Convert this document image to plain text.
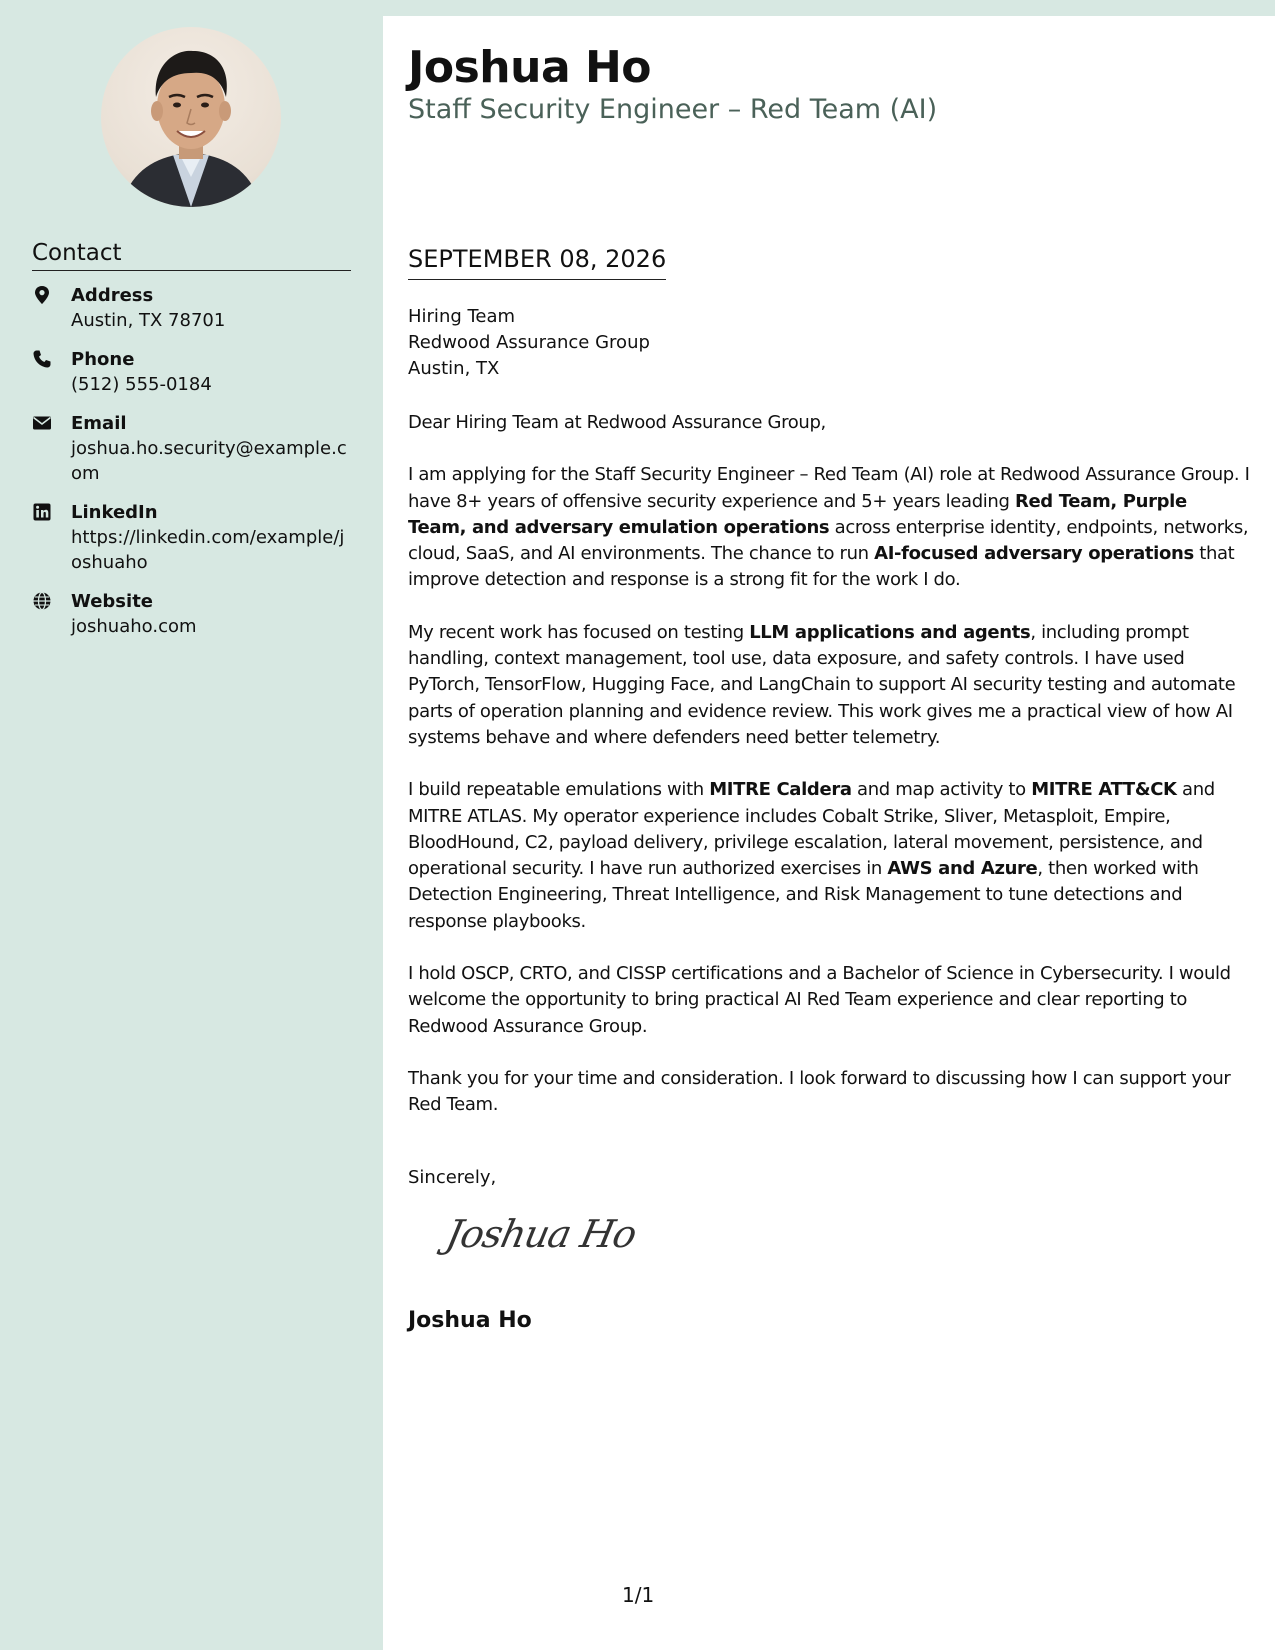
Contact
Address
Austin, TX 78701
Phone
(512) 555-0184
Email
joshua.ho.security@example.com
LinkedIn
https://linkedin.com/example/joshuaho
Website
joshuaho.com
Joshua Ho
Staff Security Engineer – Red Team (AI)
SEPTEMBER 08, 2026
Hiring Team
Redwood Assurance Group
Austin, TX

Dear Hiring Team at Redwood Assurance Group,

I am applying for the Staff Security Engineer – Red Team (AI) role at Redwood Assurance Group. I have 8+ years of offensive security experience and 5+ years leading Red Team, Purple Team, and adversary emulation operations across enterprise identity, endpoints, networks, cloud, SaaS, and AI environments. The chance to run AI-focused adversary operations that improve detection and response is a strong fit for the work I do.

My recent work has focused on testing LLM applications and agents, including prompt handling, context management, tool use, data exposure, and safety controls. I have used PyTorch, TensorFlow, Hugging Face, and LangChain to support AI security testing and automate parts of operation planning and evidence review. This work gives me a practical view of how AI systems behave and where defenders need better telemetry.

I build repeatable emulations with MITRE Caldera and map activity to MITRE ATT&CK and MITRE ATLAS. My operator experience includes Cobalt Strike, Sliver, Metasploit, Empire, BloodHound, C2, payload delivery, privilege escalation, lateral movement, persistence, and operational security. I have run authorized exercises in AWS and Azure, then worked with Detection Engineering, Threat Intelligence, and Risk Management to tune detections and response playbooks.

I hold OSCP, CRTO, and CISSP certifications and a Bachelor of Science in Cybersecurity. I would welcome the opportunity to bring practical AI Red Team experience and clear reporting to Redwood Assurance Group.

Thank you for your time and consideration. I look forward to discussing how I can support your Red Team.

Sincerely,
Joshua Ho
Joshua Ho
1/1
